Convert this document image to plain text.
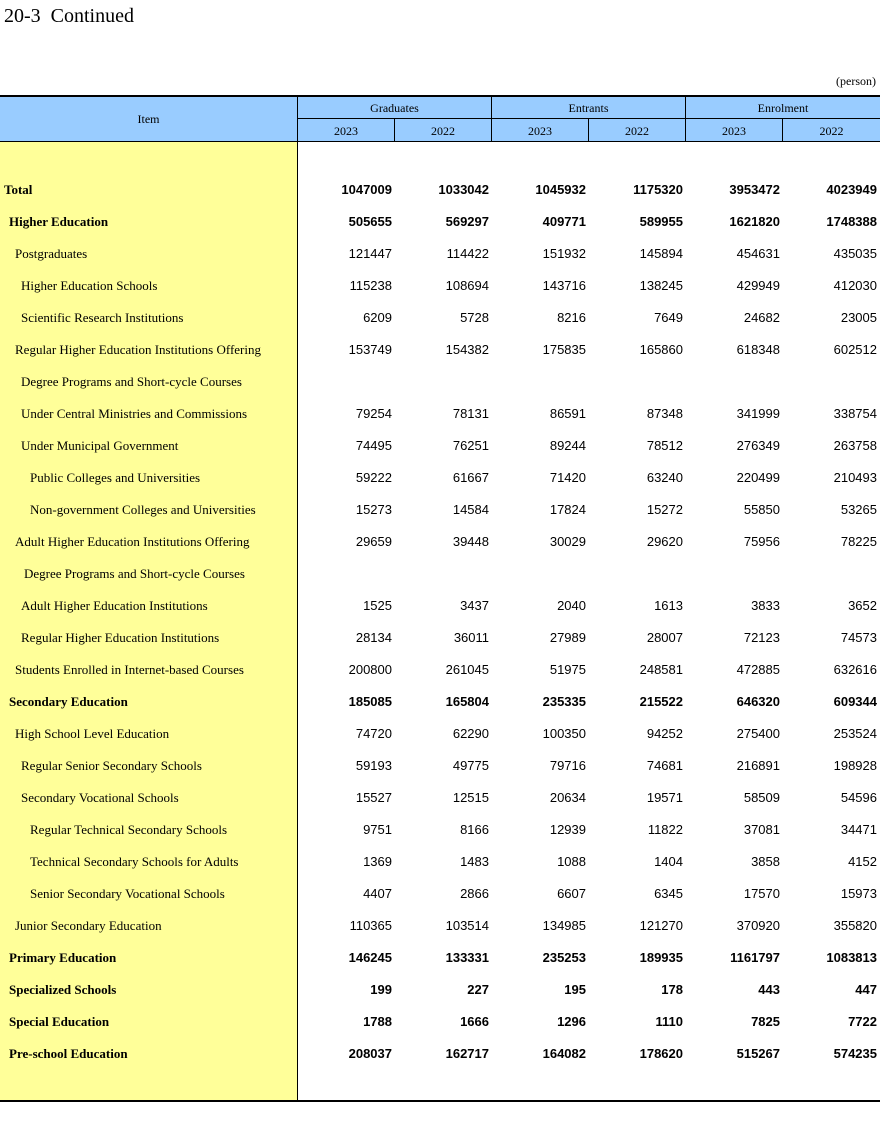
20-3  Continued
(person)
Item
Graduates	Entrants	Enrolment
2023	2022	2023	2022	2023	2022
Total	1047009	1033042	1045932	1175320	3953472	4023949
Higher Education	505655	569297	409771	589955	1621820	1748388
Postgraduates	121447	114422	151932	145894	454631	435035
Higher Education Schools	115238	108694	143716	138245	429949	412030
Scientific Research Institutions	6209	5728	8216	7649	24682	23005
Regular Higher Education Institutions Offering	153749	154382	175835	165860	618348	602512
Degree Programs and Short-cycle Courses
Under Central Ministries and Commissions	79254	78131	86591	87348	341999	338754
Under Municipal Government	74495	76251	89244	78512	276349	263758
Public Colleges and Universities	59222	61667	71420	63240	220499	210493
Non-government Colleges and Universities	15273	14584	17824	15272	55850	53265
Adult Higher Education Institutions Offering	29659	39448	30029	29620	75956	78225
Degree Programs and Short-cycle Courses
Adult Higher Education Institutions	1525	3437	2040	1613	3833	3652
Regular Higher Education Institutions	28134	36011	27989	28007	72123	74573
Students Enrolled in Internet-based Courses	200800	261045	51975	248581	472885	632616
Secondary Education	185085	165804	235335	215522	646320	609344
High School Level Education	74720	62290	100350	94252	275400	253524
Regular Senior Secondary Schools	59193	49775	79716	74681	216891	198928
Secondary Vocational Schools	15527	12515	20634	19571	58509	54596
Regular Technical Secondary Schools	9751	8166	12939	11822	37081	34471
Technical Secondary Schools for Adults	1369	1483	1088	1404	3858	4152
Senior Secondary Vocational Schools	4407	2866	6607	6345	17570	15973
Junior Secondary Education	110365	103514	134985	121270	370920	355820
Primary Education	146245	133331	235253	189935	1161797	1083813
Specialized Schools	199	227	195	178	443	447
Special Education	1788	1666	1296	1110	7825	7722
Pre-school Education	208037	162717	164082	178620	515267	574235
